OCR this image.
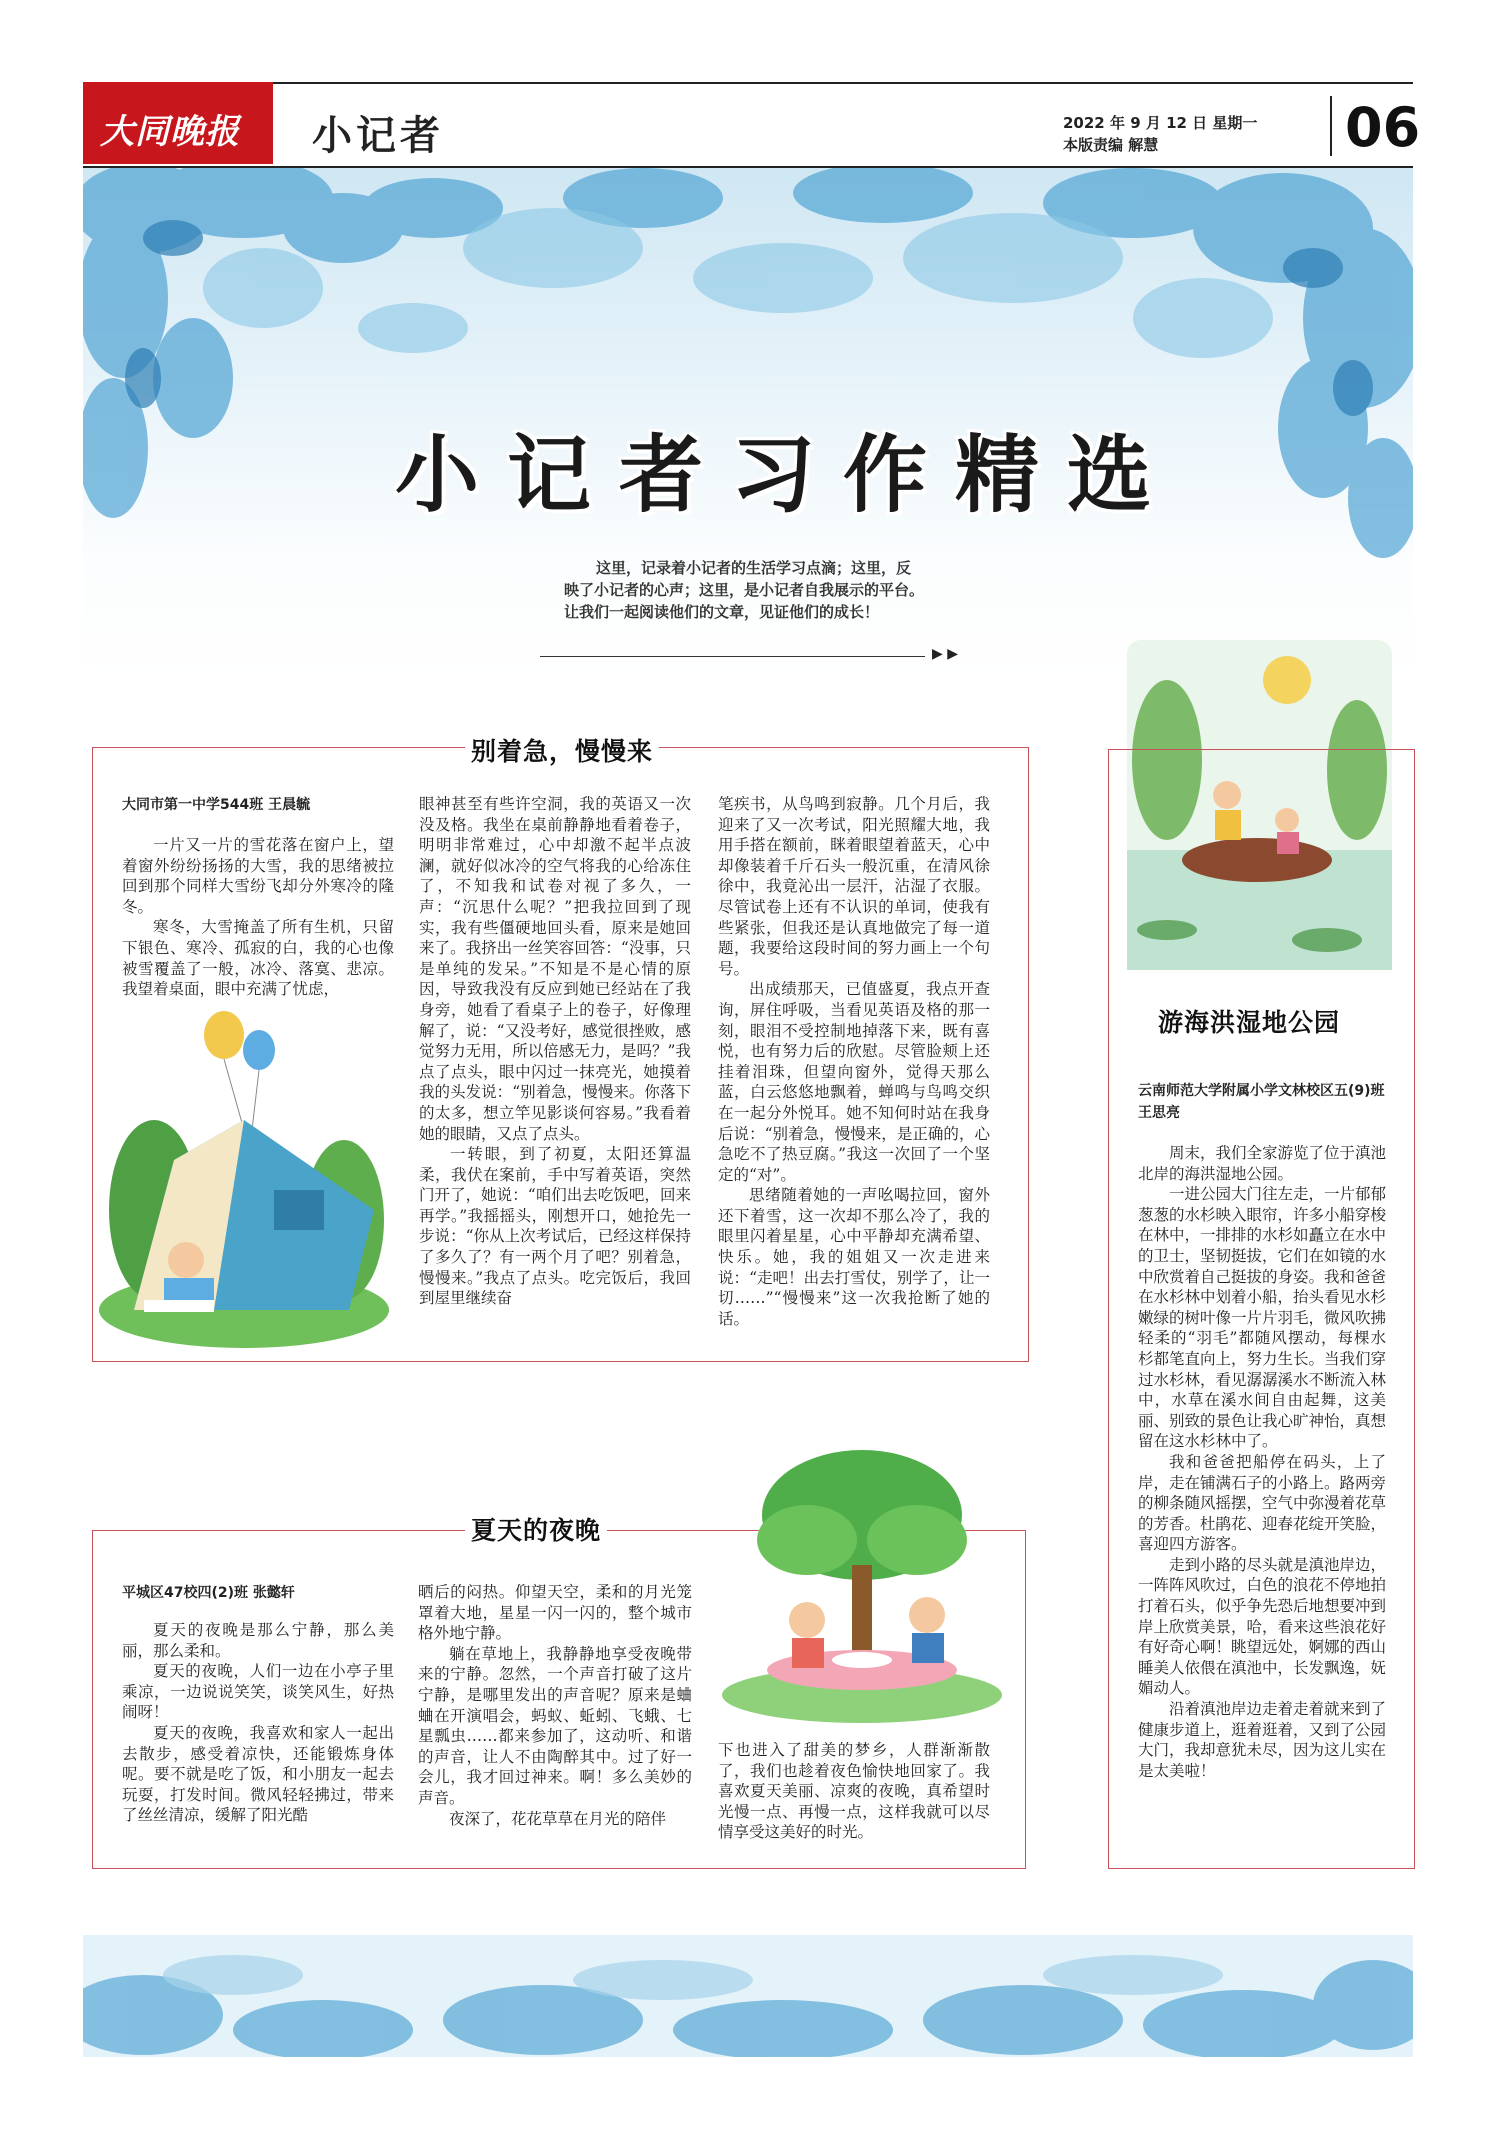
大同晚报 小记者	2022 年 9 月 12 日 星期一
本版责编 解慧	06
小记者习作精选
这里，记录着小记者的生活学习点滴；这里，反映了小记者的心声；这里，是小记者自我展示的平台。让我们一起阅读他们的文章，见证他们的成长！
▶ ▶
别着急，慢慢来
大同市第一中学544班 王晨毓

一片又一片的雪花落在窗户上，望着窗外纷纷扬扬的大雪，我的思绪被拉回到那个同样大雪纷飞却分外寒冷的隆冬。

寒冬，大雪掩盖了所有生机，只留下银色、寒冷、孤寂的白，我的心也像被雪覆盖了一般，冰冷、落寞、悲凉。我望着桌面，眼中充满了忧虑，

眼神甚至有些许空洞，我的英语又一次没及格。我坐在桌前静静地看着卷子，明明非常难过，心中却激不起半点波澜，就好似冰冷的空气将我的心给冻住了，不知我和试卷对视了多久，一声：“沉思什么呢？”把我拉回到了现实，我有些僵硬地回头看，原来是她回来了。我挤出一丝笑容回答：“没事，只是单纯的发呆。”不知是不是心情的原因，导致我没有反应到她已经站在了我身旁，她看了看桌子上的卷子，好像理解了，说：“又没考好，感觉很挫败，感觉努力无用，所以倍感无力，是吗？”我点了点头，眼中闪过一抹亮光，她摸着我的头发说：“别着急，慢慢来。你落下的太多，想立竿见影谈何容易。”我看着她的眼睛，又点了点头。

一转眼，到了初夏，太阳还算温柔，我伏在案前，手中写着英语，突然门开了，她说：“咱们出去吃饭吧，回来再学。”我摇摇头，刚想开口，她抢先一步说：“你从上次考试后，已经这样保持了多久了？有一两个月了吧？别着急，慢慢来。”我点了点头。吃完饭后，我回到屋里继续奋

笔疾书，从鸟鸣到寂静。几个月后，我迎来了又一次考试，阳光照耀大地，我用手搭在额前，眯着眼望着蓝天，心中却像装着千斤石头一般沉重，在清风徐徐中，我竟沁出一层汗，沾湿了衣服。尽管试卷上还有不认识的单词，使我有些紧张，但我还是认真地做完了每一道题，我要给这段时间的努力画上一个句号。

出成绩那天，已值盛夏，我点开查询，屏住呼吸，当看见英语及格的那一刻，眼泪不受控制地掉落下来，既有喜悦，也有努力后的欣慰。尽管脸颊上还挂着泪珠，但望向窗外，觉得天那么蓝，白云悠悠地飘着，蝉鸣与鸟鸣交织在一起分外悦耳。她不知何时站在我身后说：“别着急，慢慢来，是正确的，心急吃不了热豆腐。”我这一次回了一个坚定的“对”。

思绪随着她的一声吆喝拉回，窗外还下着雪，这一次却不那么冷了，我的眼里闪着星星，心中平静却充满希望、快乐。她，我的姐姐又一次走进来说：“走吧！出去打雪仗，别学了，让一切……”“慢慢来”这一次我抢断了她的话。

夏天的夜晚
平城区47校四(2)班 张懿轩

夏天的夜晚是那么宁静，那么美丽，那么柔和。

夏天的夜晚，人们一边在小亭子里乘凉，一边说说笑笑，谈笑风生，好热闹呀！

夏天的夜晚，我喜欢和家人一起出去散步，感受着凉快，还能锻炼身体呢。要不就是吃了饭，和小朋友一起去玩耍，打发时间。微风轻轻拂过，带来了丝丝清凉，缓解了阳光酷

晒后的闷热。仰望天空，柔和的月光笼罩着大地，星星一闪一闪的，整个城市格外地宁静。

躺在草地上，我静静地享受夜晚带来的宁静。忽然，一个声音打破了这片宁静，是哪里发出的声音呢？原来是蛐蛐在开演唱会，蚂蚁、蚯蚓、飞蛾、七星瓢虫……都来参加了，这动听、和谐的声音，让人不由陶醉其中。过了好一会儿，我才回过神来。啊！多么美妙的声音。

夜深了，花花草草在月光的陪伴

下也进入了甜美的梦乡，人群渐渐散了，我们也趁着夜色愉快地回家了。我喜欢夏天美丽、凉爽的夜晚，真希望时光慢一点、再慢一点，这样我就可以尽情享受这美好的时光。

游海洪湿地公园
云南师范大学附属小学文林校区五(9)班 王思亮

周末，我们全家游览了位于滇池北岸的海洪湿地公园。

一进公园大门往左走，一片郁郁葱葱的水杉映入眼帘，许多小船穿梭在林中，一排排的水杉如矗立在水中的卫士，坚韧挺拔，它们在如镜的水中欣赏着自己挺拔的身姿。我和爸爸在水杉林中划着小船，抬头看见水杉嫩绿的树叶像一片片羽毛，微风吹拂轻柔的“羽毛”都随风摆动，每棵水杉都笔直向上，努力生长。当我们穿过水杉林，看见潺潺溪水不断流入林中，水草在溪水间自由起舞，这美丽、别致的景色让我心旷神怡，真想留在这水杉林中了。

我和爸爸把船停在码头，上了岸，走在铺满石子的小路上。路两旁的柳条随风摇摆，空气中弥漫着花草的芳香。杜鹃花、迎春花绽开笑脸，喜迎四方游客。

走到小路的尽头就是滇池岸边，一阵阵风吹过，白色的浪花不停地拍打着石头，似乎争先恐后地想要冲到岸上欣赏美景，哈，看来这些浪花好有好奇心啊！眺望远处，婀娜的西山睡美人依偎在滇池中，长发飘逸，妩媚动人。

沿着滇池岸边走着走着就来到了健康步道上，逛着逛着，又到了公园大门，我却意犹未尽，因为这儿实在是太美啦！
